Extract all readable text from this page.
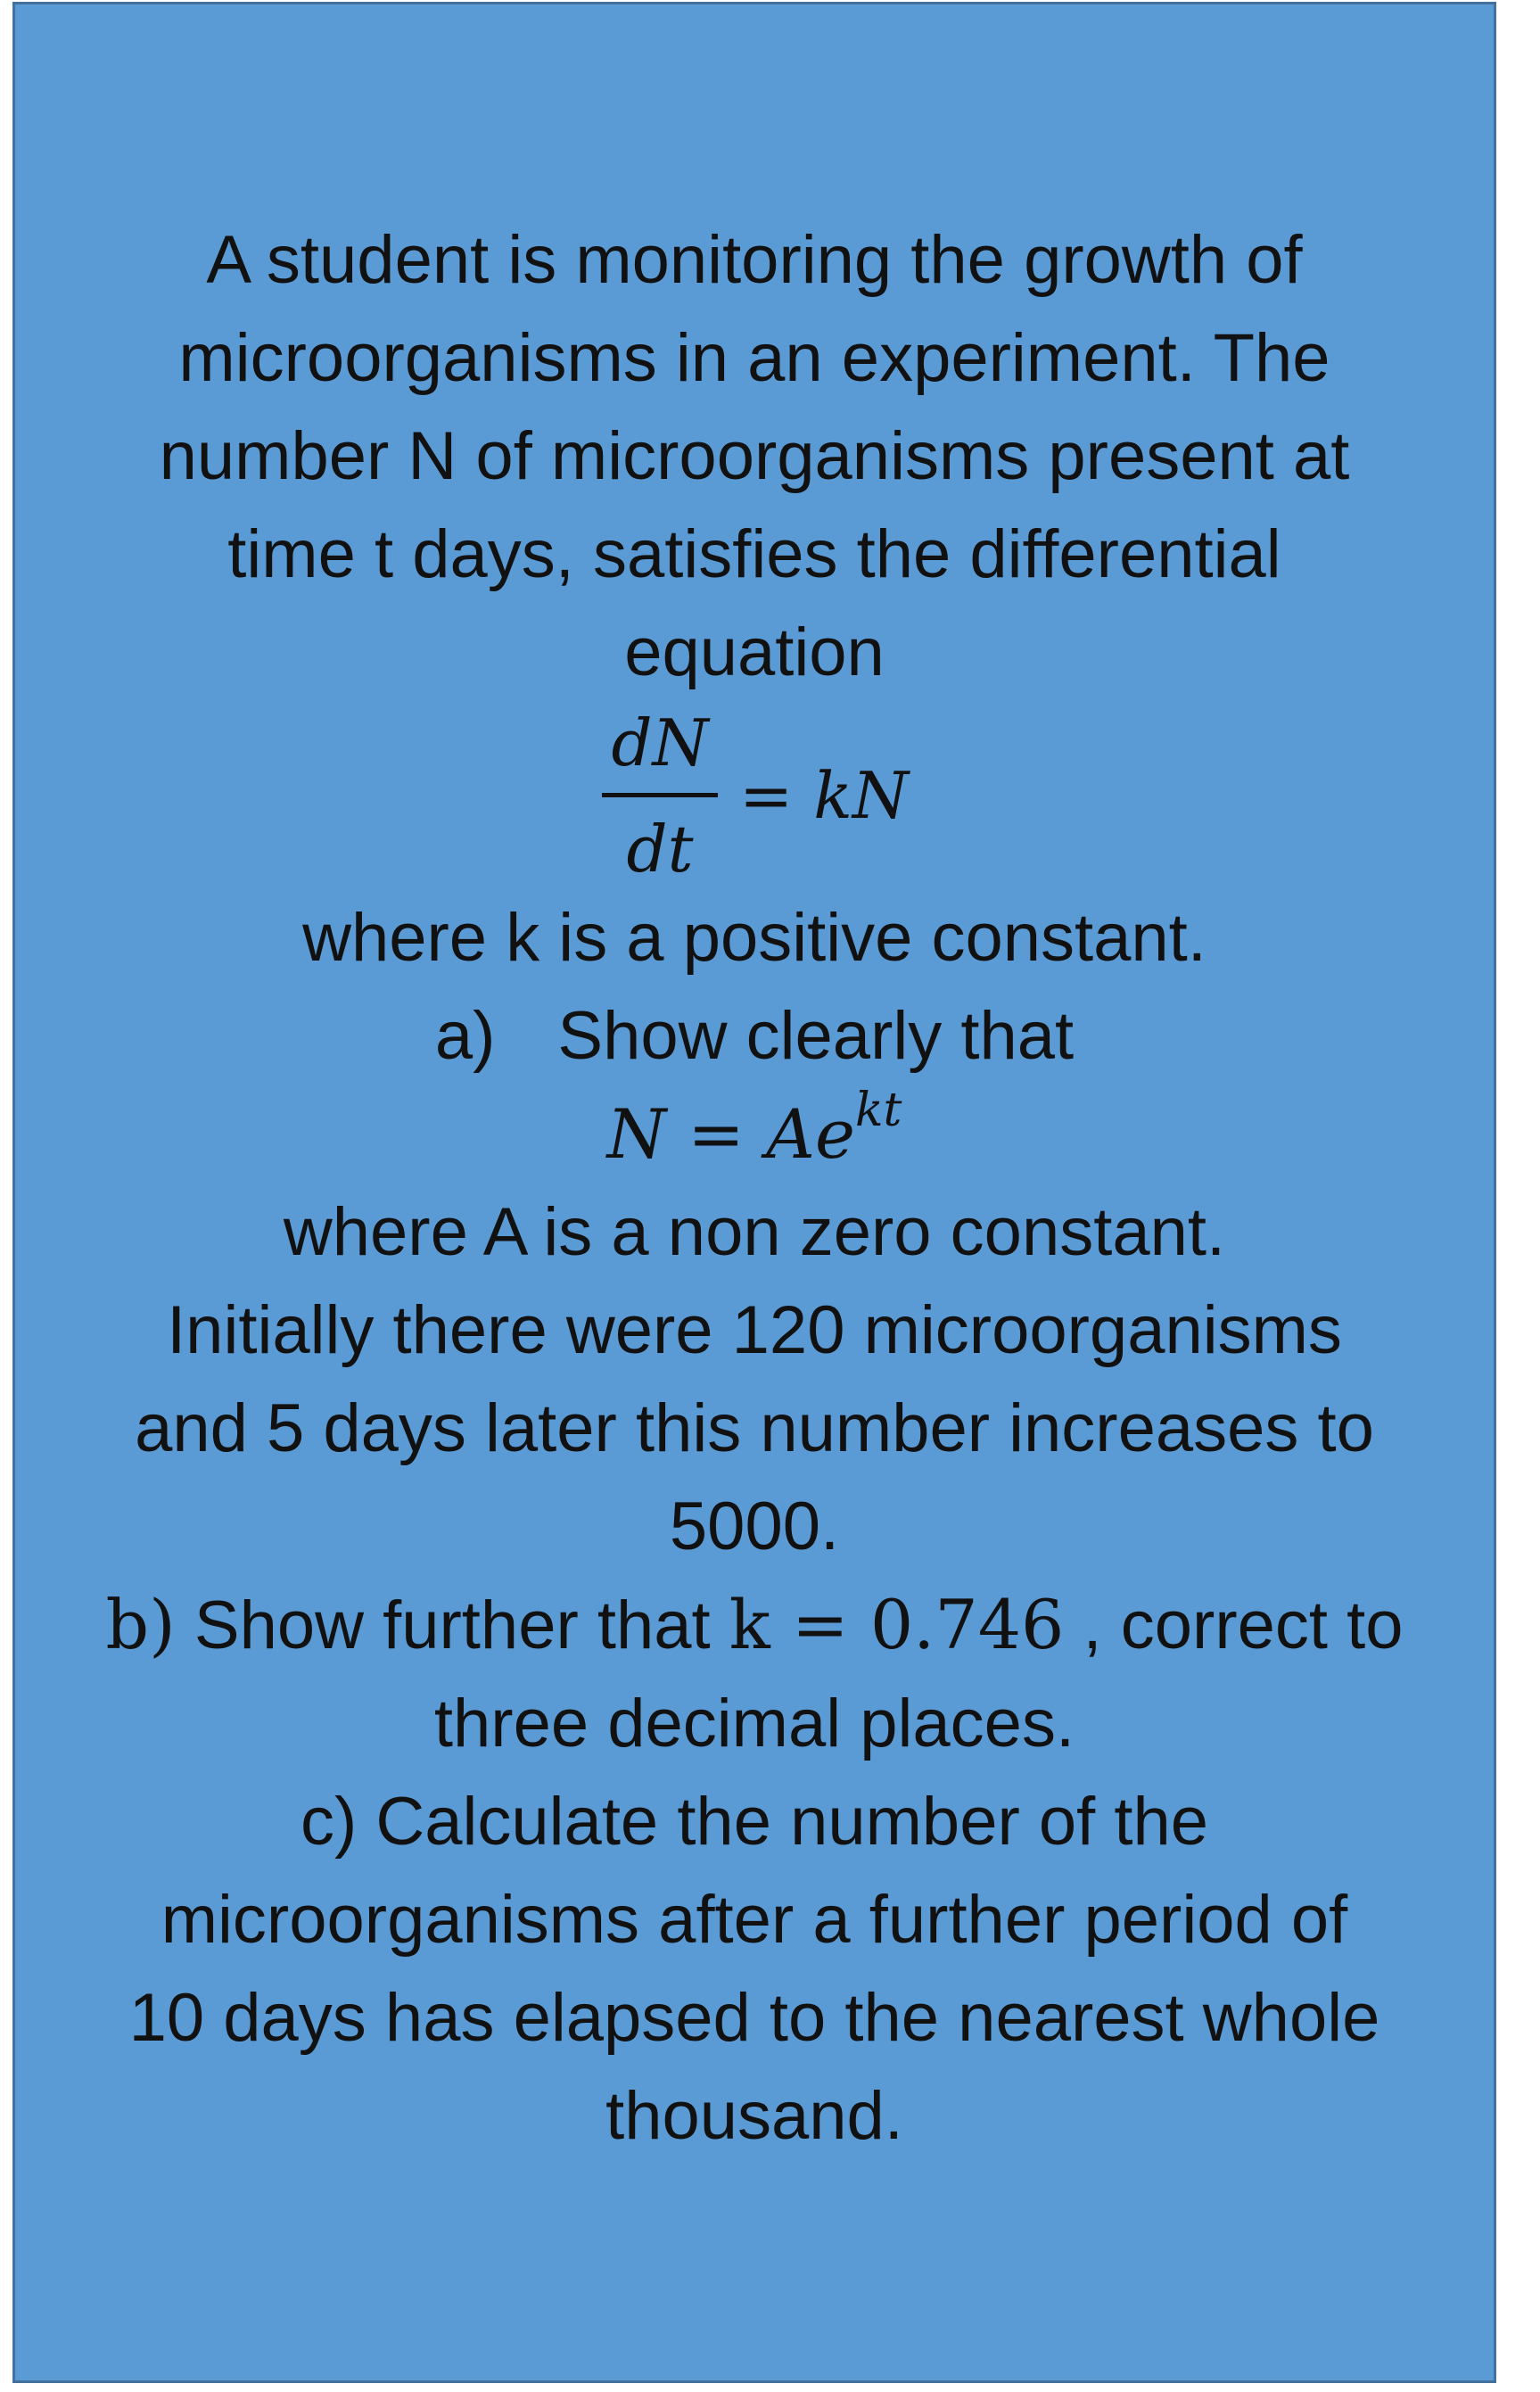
A student is monitoring the growth of
microorganisms in an experiment. The
number N of microorganisms present at
time t days, satisfies the differential
equation
dN
dt
= kN
where k is a positive constant.
a) Show clearly that
$N = Ae^{kt}$
where A is a non zero constant.
Initially there were 120 microorganisms
and 5 days later this number increases to
5000.
b) Show further that k = 0.746 , correct to
three decimal places.
c) Calculate the number of the
microorganisms after a further period of
10 days has elapsed to the nearest whole
thousand.
